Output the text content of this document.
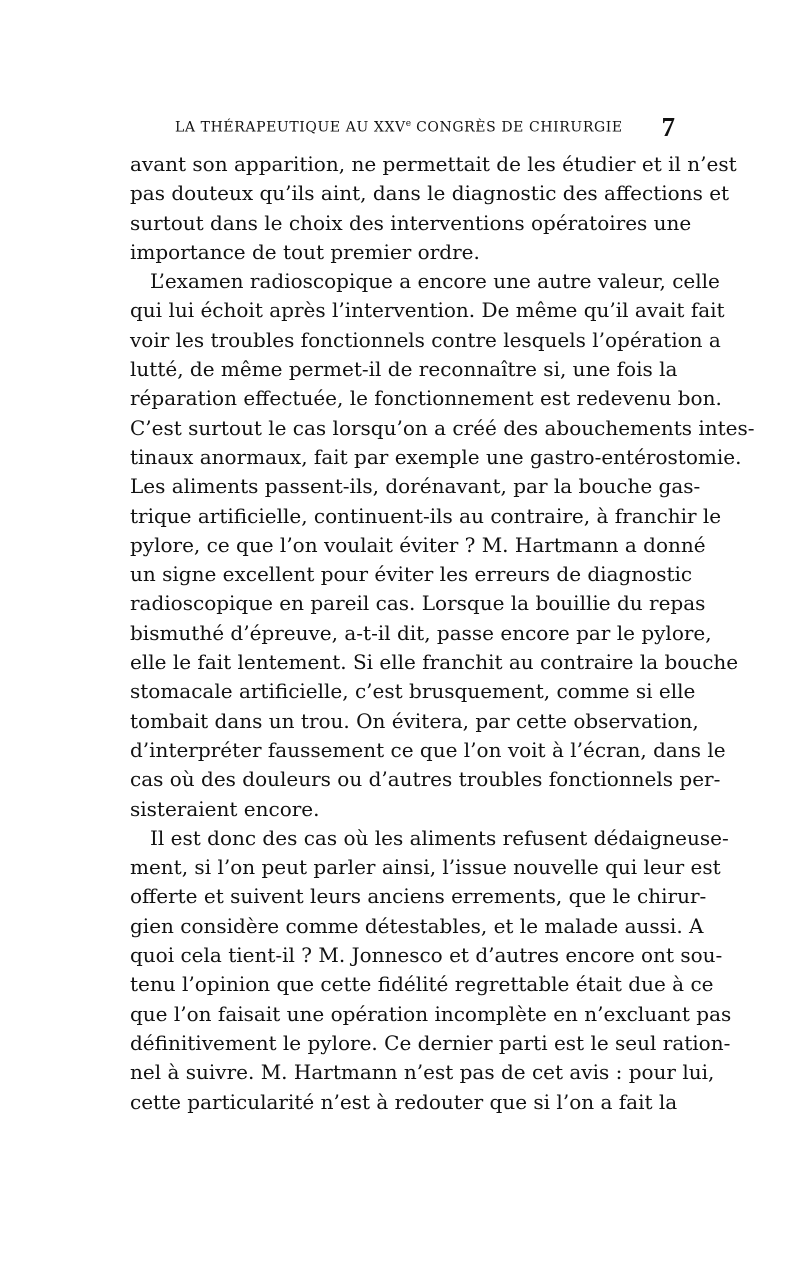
LA THÉRAPEUTIQUE AU XXVe CONGRÈS DE CHIRURGIE 7
avant son apparition, ne permettait de les étudier et il n’est
pas douteux qu’ils aint, dans le diagnostic des affections et
surtout dans le choix des interventions opératoires une
importance de tout premier ordre.
L’examen radioscopique a encore une autre valeur, celle
qui lui échoit après l’intervention. De même qu’il avait fait
voir les troubles fonctionnels contre lesquels l’opération a
lutté, de même permet-il de reconnaître si, une fois la
réparation effectuée, le fonctionnement est redevenu bon.
C’est surtout le cas lorsqu’on a créé des abouchements intes-
tinaux anormaux, fait par exemple une gastro-entérostomie.
Les aliments passent-ils, dorénavant, par la bouche gas-
trique artificielle, continuent-ils au contraire, à franchir le
pylore, ce que l’on voulait éviter ? M. Hartmann a donné
un signe excellent pour éviter les erreurs de diagnostic
radioscopique en pareil cas. Lorsque la bouillie du repas
bismuthé d’épreuve, a-t-il dit, passe encore par le pylore,
elle le fait lentement. Si elle franchit au contraire la bouche
stomacale artificielle, c’est brusquement, comme si elle
tombait dans un trou. On évitera, par cette observation,
d’interpréter faussement ce que l’on voit à l’écran, dans le
cas où des douleurs ou d’autres troubles fonctionnels per-
sisteraient encore.
Il est donc des cas où les aliments refusent dédaigneuse-
ment, si l’on peut parler ainsi, l’issue nouvelle qui leur est
offerte et suivent leurs anciens errements, que le chirur-
gien considère comme détestables, et le malade aussi. A
quoi cela tient-il ? M. Jonnesco et d’autres encore ont sou-
tenu l’opinion que cette fidélité regrettable était due à ce
que l’on faisait une opération incomplète en n’excluant pas
définitivement le pylore. Ce dernier parti est le seul ration-
nel à suivre. M. Hartmann n’est pas de cet avis : pour lui,
cette particularité n’est à redouter que si l’on a fait la
